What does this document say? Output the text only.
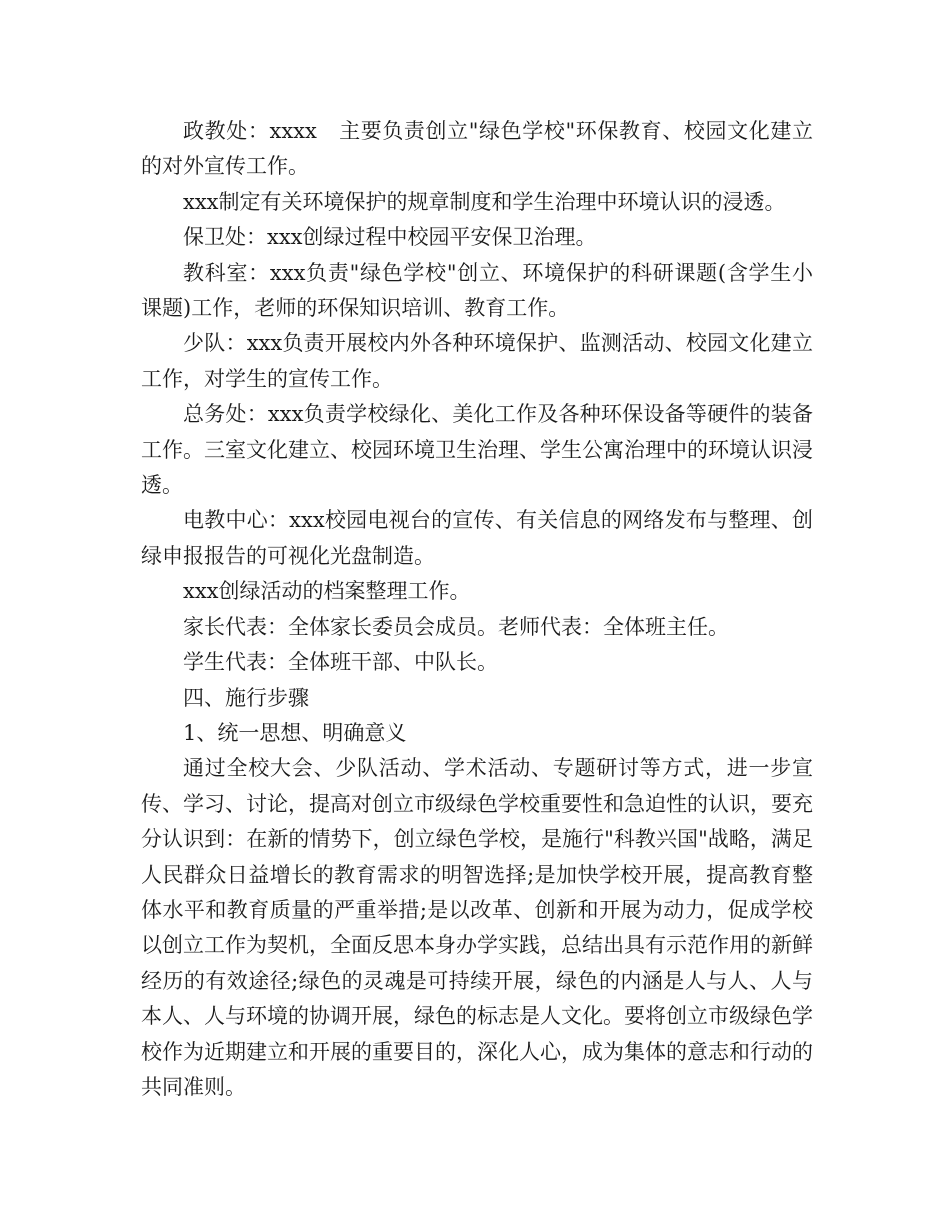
政教处：xxxx　主要负责创立"绿色学校"环保教育、校园文化建立的对外宣传工作。

xxx制定有关环境保护的规章制度和学生治理中环境认识的浸透。

保卫处：xxx创绿过程中校园平安保卫治理。

教科室：xxx负责"绿色学校"创立、环境保护的科研课题(含学生小课题)工作，老师的环保知识培训、教育工作。

少队：xxx负责开展校内外各种环境保护、监测活动、校园文化建立工作，对学生的宣传工作。

总务处：xxx负责学校绿化、美化工作及各种环保设备等硬件的装备工作。三室文化建立、校园环境卫生治理、学生公寓治理中的环境认识浸透。

电教中心：xxx校园电视台的宣传、有关信息的网络发布与整理、创绿申报报告的可视化光盘制造。

xxx创绿活动的档案整理工作。

家长代表：全体家长委员会成员。老师代表：全体班主任。

学生代表：全体班干部、中队长。

四、施行步骤

1、统一思想、明确意义

通过全校大会、少队活动、学术活动、专题研讨等方式，进一步宣传、学习、讨论，提高对创立市级绿色学校重要性和急迫性的认识，要充分认识到：在新的情势下，创立绿色学校，是施行"科教兴国"战略，满足人民群众日益增长的教育需求的明智选择;是加快学校开展，提高教育整体水平和教育质量的严重举措;是以改革、创新和开展为动力，促成学校以创立工作为契机，全面反思本身办学实践，总结出具有示范作用的新鲜经历的有效途径;绿色的灵魂是可持续开展，绿色的内涵是人与人、人与本人、人与环境的协调开展，绿色的标志是人文化。要将创立市级绿色学校作为近期建立和开展的重要目的，深化人心，成为集体的意志和行动的共同准则。
